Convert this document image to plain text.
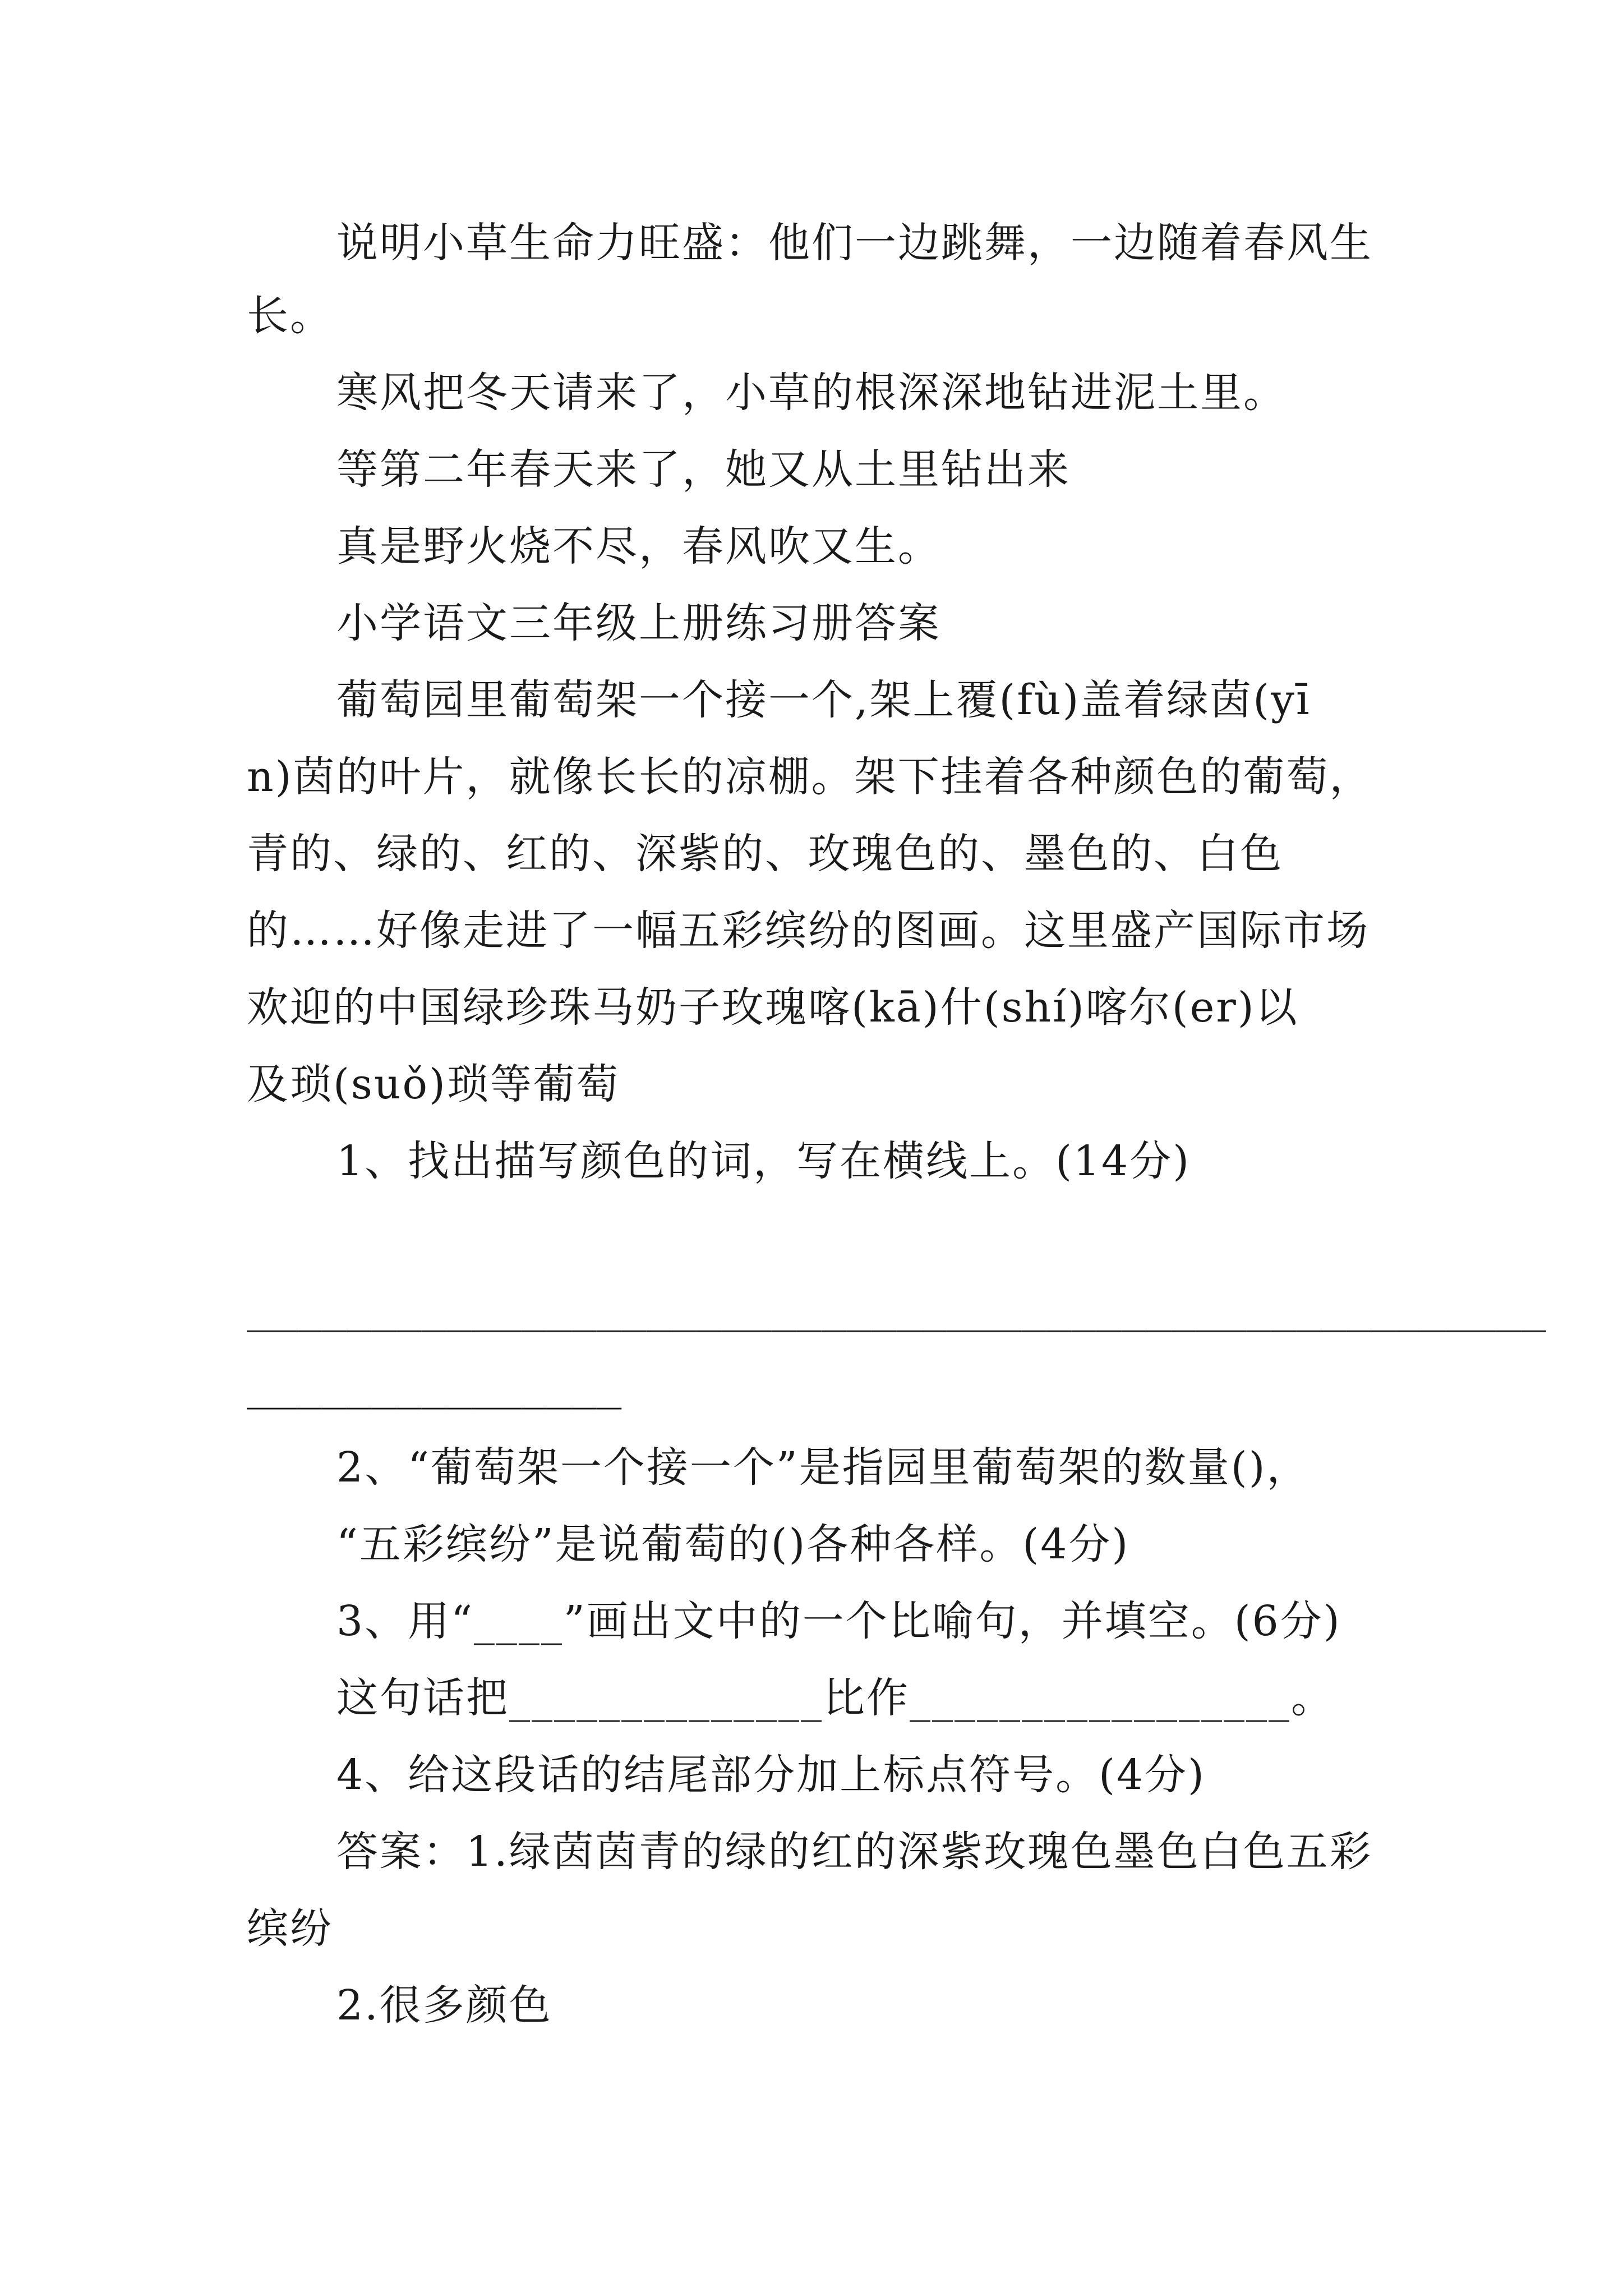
说明小草生命力旺盛：他们一边跳舞，一边随着春风生
长。
寒风把冬天请来了，小草的根深深地钻进泥土里。
等第二年春天来了，她又从土里钻出来
真是野火烧不尽，春风吹又生。
小学语文三年级上册练习册答案
葡萄园里葡萄架一个接一个,架上覆(fù)盖着绿茵(yī
n)茵的叶片，就像长长的凉棚。架下挂着各种颜色的葡萄，
青的、绿的、红的、深紫的、玫瑰色的、墨色的、白色
的……好像走进了一幅五彩缤纷的图画。这里盛产国际市场
欢迎的中国绿珍珠马奶子玫瑰喀(kā)什(shí)喀尔(er)以
及琐(suǒ)琐等葡萄
1、找出描写颜色的词，写在横线上。(14分)
____________________________________________________
_______________
2、“葡萄架一个接一个”是指园里葡萄架的数量()，
“五彩缤纷”是说葡萄的()各种各样。(4分)
3、用“____”画出文中的一个比喻句，并填空。(6分)
这句话把______________比作_________________。
4、给这段话的结尾部分加上标点符号。(4分)
答案：1.绿茵茵青的绿的红的深紫玫瑰色墨色白色五彩
缤纷
2.很多颜色
